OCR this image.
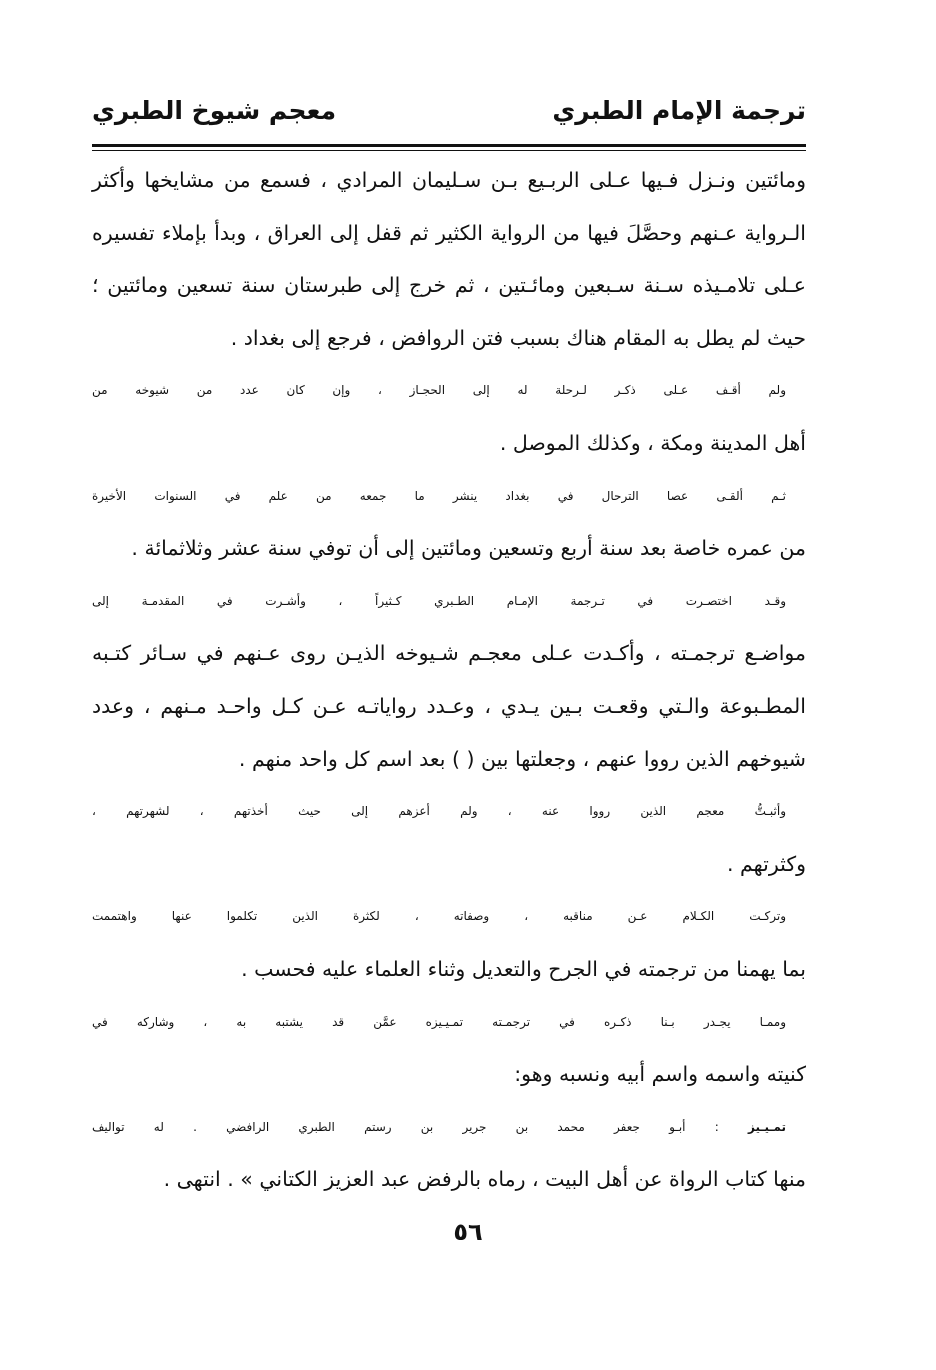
ترجمة الإمام الطبري
معجم شيوخ الطبري
ومائتين ونـزل فـيها عـلى الربـيع بـن سـليمان المرادي ، فسمع من مشايخها وأكثر
الـرواية عـنهم وحصَّلَ فيها من الرواية الكثير ثم قفل إلى العراق ، وبدأ بإملاء تفسيره
عـلى تلامـيذه سـنة سـبعين ومائـتين ، ثم خرج إلى طبرستان سنة تسعين ومائتين ؛
حيث لم يطل به المقام هناك بسبب فتن الروافض ، فرجع إلى بغداد .
ولم أقـف عـلى ذكـر لـرحلة له إلى الحجـاز ، وإن كان عدد من شيوخه من
أهل المدينة ومكة ، وكذلك الموصل .
ثـم ألقـى عصا الترحال في بغداد ينشر ما جمعه من علم في السنوات الأخيرة
من عمره خاصة بعد سنة أربع وتسعين ومائتين إلى أن توفي سنة عشر وثلاثمائة .
وقـد اختصـرت في تـرجمة الإمـام الطـبري كـثيراً ، وأشـرت في المقدمـة إلى
مواضـع ترجمـته ، وأكـدت عـلى معجـم شـيوخه الذيـن روى عـنهم في سـائر كتـبه
المطـبوعة والـتي وقعـت بـين يـدي ، وعـدد رواياتـه عـن كـل واحـد مـنهم ، وعدد
شيوخهم الذين رووا عنهم ، وجعلتها بين ( ) بعد اسم كل واحد منهم .
وأثبـتُّ معجم الذين رووا عنه ، ولم أعزهم إلى حيث أخذتهم ، لشهرتهم ،
وكثرتهم .
وتركـت الكـلام عـن مناقبه ، وصفاته ، لكثرة الذين تكلموا عنها واهتممت
بما يهمنا من ترجمته في الجرح والتعديل وثناء العلماء عليه فحسب .
وممـا يجـدر بـنا ذكـره في ترجمـته تمـيـيزه عمَّن قد يشتبه به ، وشاركه في
كنيته واسمه واسم أبيه ونسبه وهو:
تمـيـيز : أبـو جعفر محمد بن جرير بن رستم الطبري الرافضي . له تواليف
منها كتاب الرواة عن أهل البيت ، رماه بالرفض عبد العزيز الكتاني » . انتهى .
٥٦
